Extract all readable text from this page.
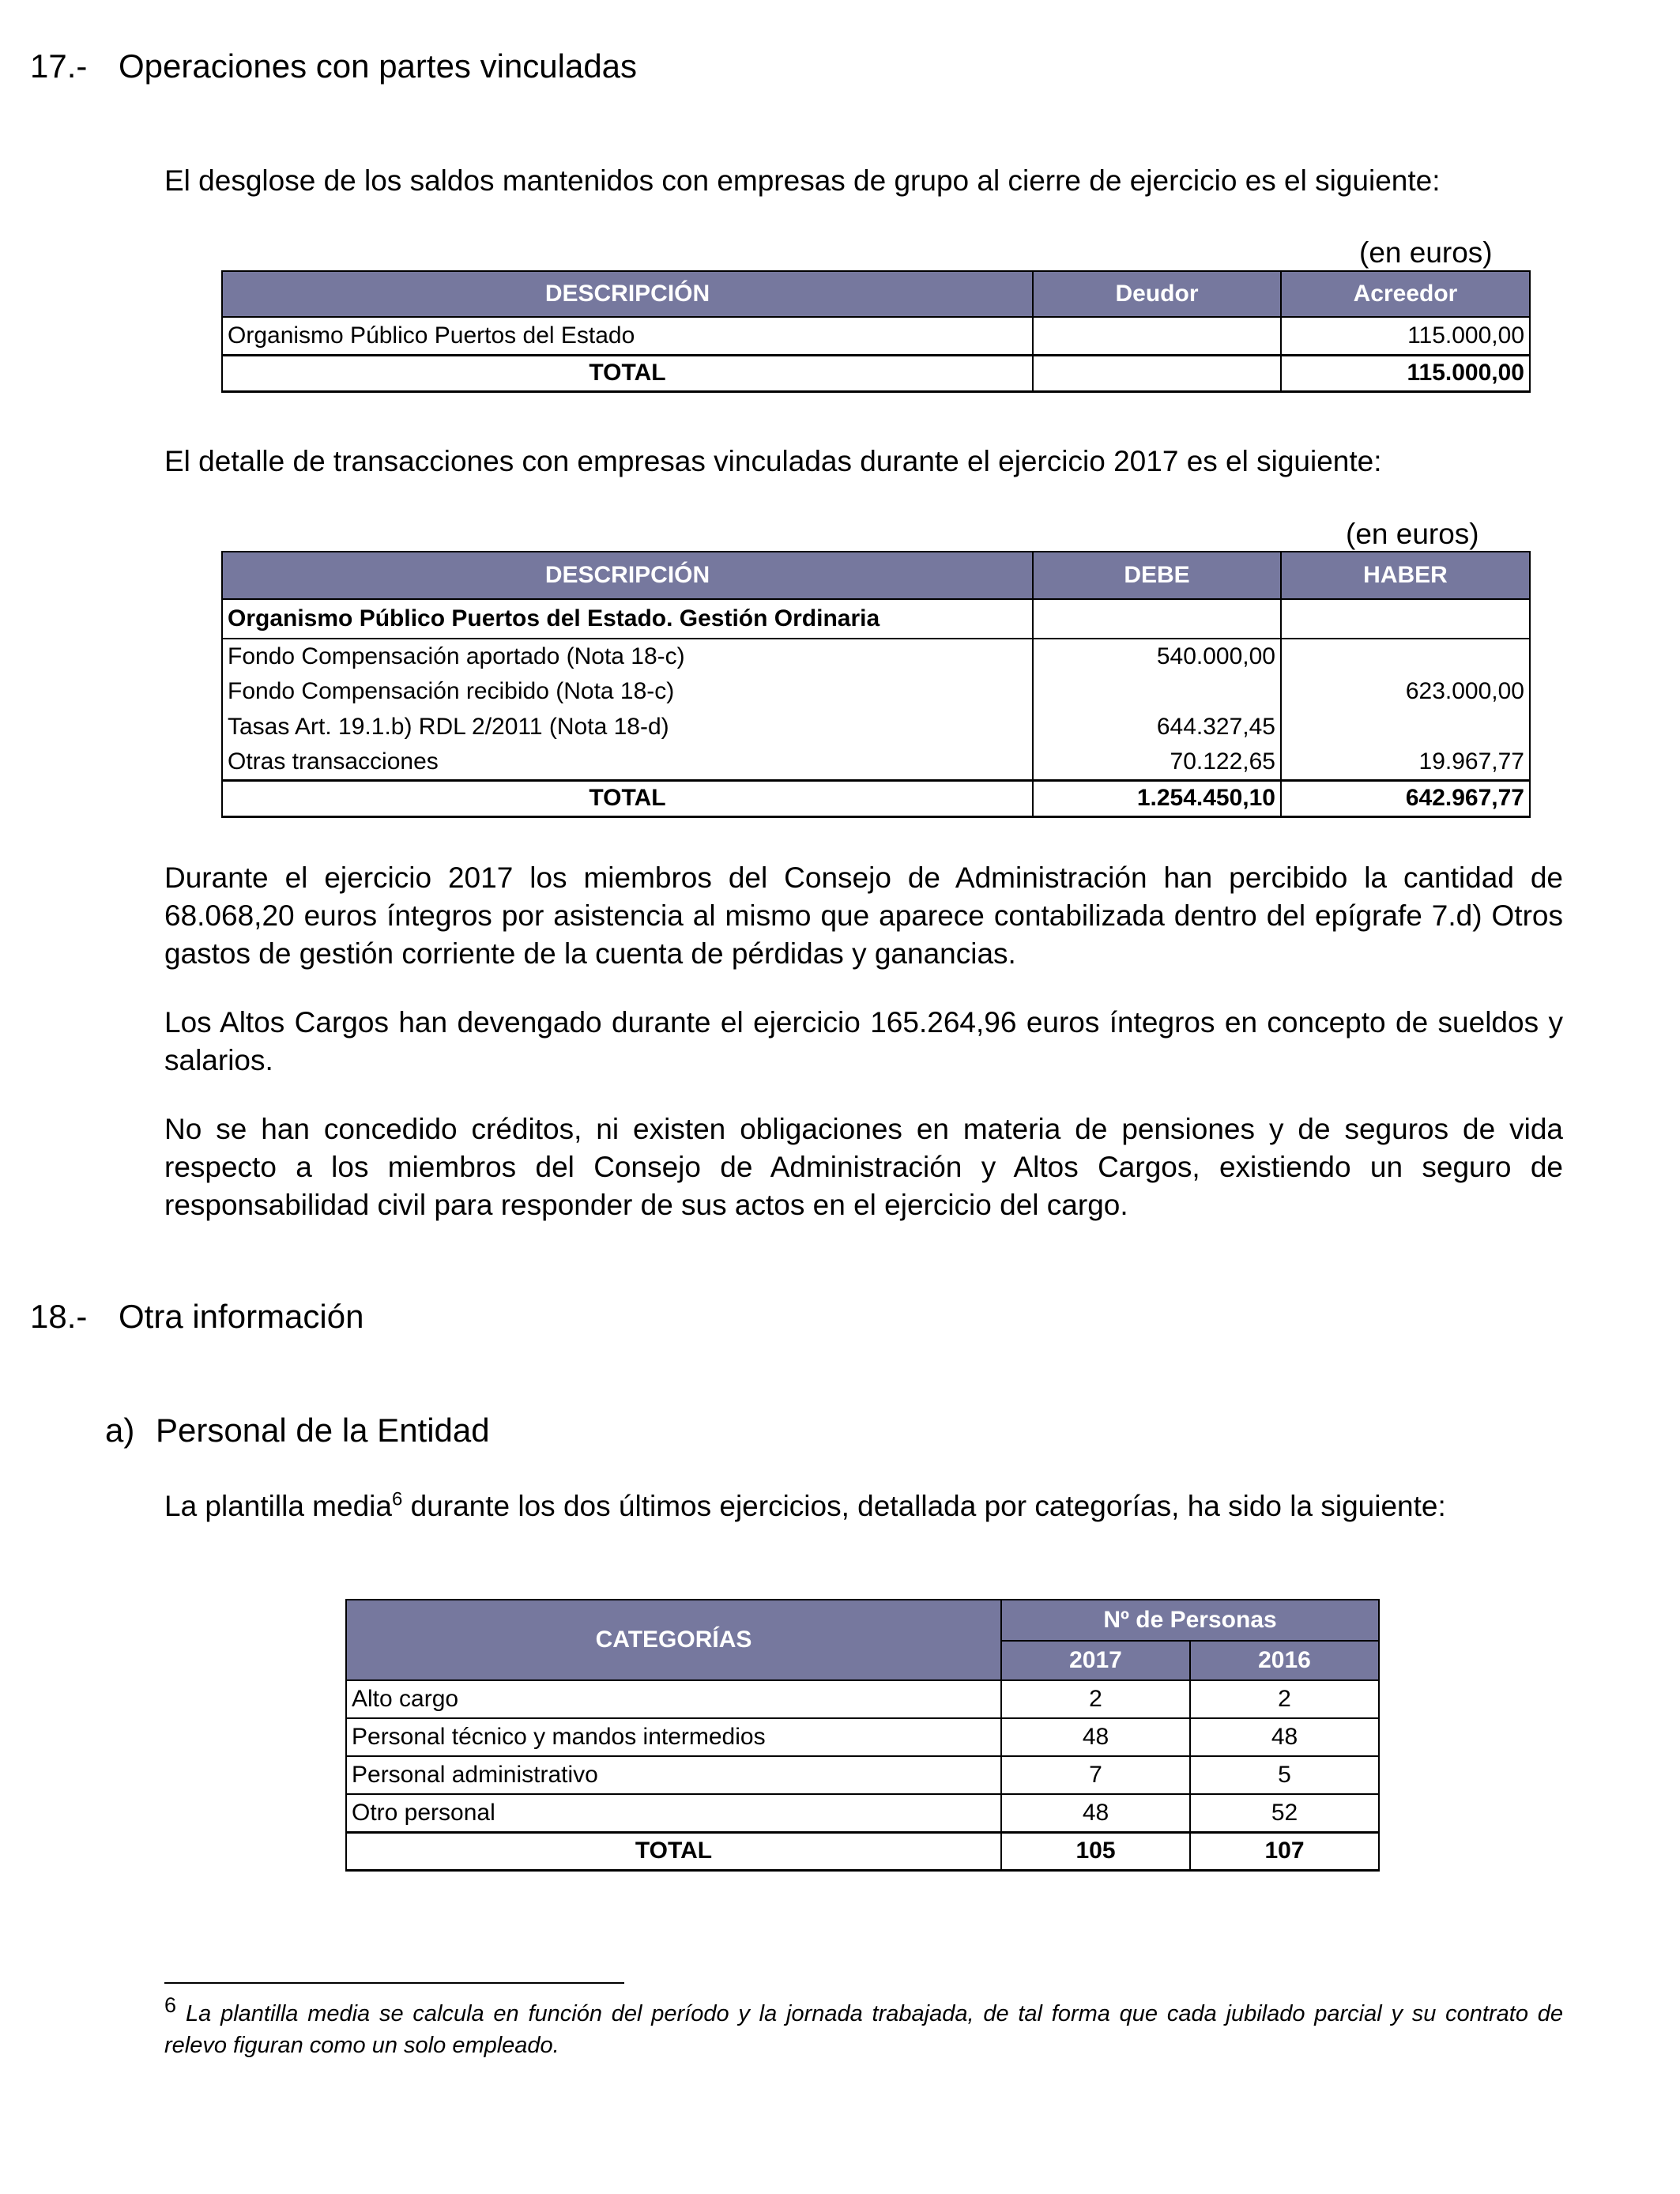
17.- Operaciones con partes vinculadas
El desglose de los saldos mantenidos con empresas de grupo al cierre de ejercicio es el siguiente:
(en euros)
DESCRIPCIÓN	Deudor	Acreedor
Organismo Público Puertos del Estado		115.000,00
TOTAL		115.000,00
El detalle de transacciones con empresas vinculadas durante el ejercicio 2017 es el siguiente:
(en euros)
DESCRIPCIÓN	DEBE	HABER
Organismo Público Puertos del Estado. Gestión Ordinaria		
Fondo Compensación aportado (Nota 18-c)	540.000,00	
Fondo Compensación recibido (Nota 18-c)		623.000,00
Tasas Art. 19.1.b) RDL 2/2011 (Nota 18-d)	644.327,45	
Otras transacciones	70.122,65	19.967,77
TOTAL	1.254.450,10	642.967,77
Durante el ejercicio 2017 los miembros del Consejo de Administración han percibido la cantidad de 68.068,20 euros íntegros por asistencia al mismo que aparece contabilizada dentro del epígrafe 7.d) Otros gastos de gestión corriente de la cuenta de pérdidas y ganancias.
Los Altos Cargos han devengado durante el ejercicio 165.264,96 euros íntegros en concepto de sueldos y salarios.
No se han concedido créditos, ni existen obligaciones en materia de pensiones y de seguros de vida respecto a los miembros del Consejo de Administración y Altos Cargos, existiendo un seguro de responsabilidad civil para responder de sus actos en el ejercicio del cargo.
18.- Otra información
a) Personal de la Entidad
La plantilla media$^6$ durante los dos últimos ejercicios, detallada por categorías, ha sido la siguiente:
CATEGORÍAS	Nº de Personas	
	2017	2016
Alto cargo	2	2
Personal técnico y mandos intermedios	48	48
Personal administrativo	7	5
Otro personal	48	52
TOTAL	105	107
6 La plantilla media se calcula en función del período y la jornada trabajada, de tal forma que cada jubilado parcial y su contrato de relevo figuran como un solo empleado.
